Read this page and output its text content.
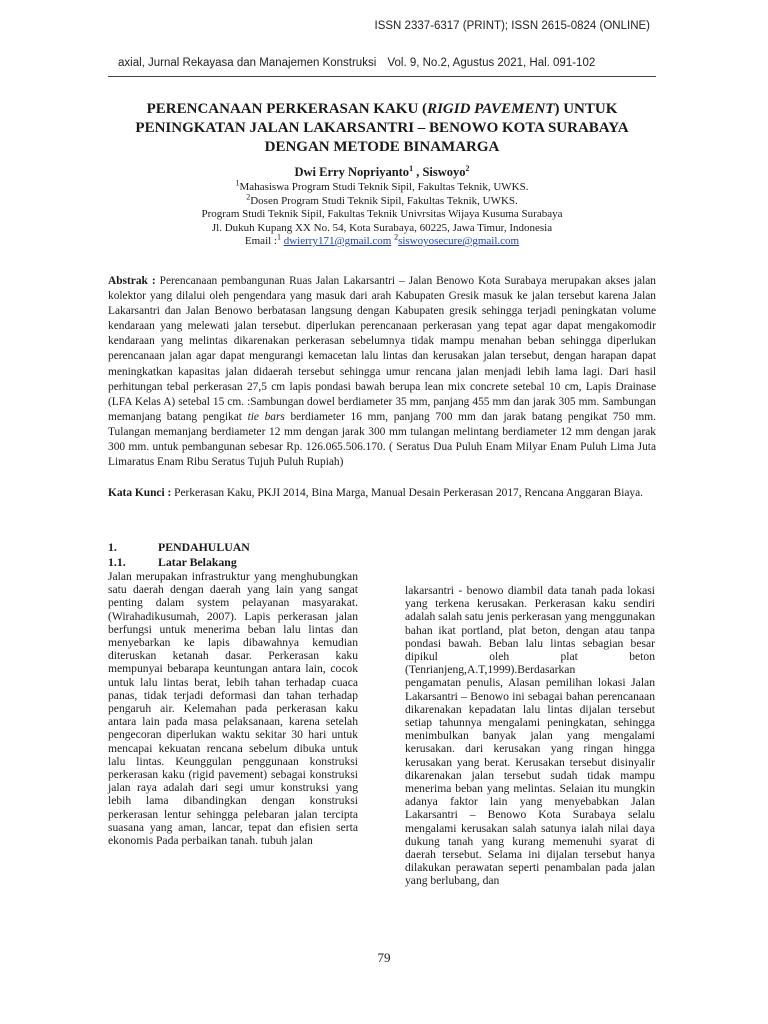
ISSN 2337-6317 (PRINT); ISSN 2615-0824 (ONLINE)
axial, Jurnal Rekayasa dan Manajemen Konstruksi Vol. 9, No.2, Agustus 2021, Hal. 091-102
PERENCANAAN PERKERASAN KAKU (RIGID PAVEMENT) UNTUK PENINGKATAN JALAN LAKARSANTRI – BENOWO KOTA SURABAYA DENGAN METODE BINAMARGA
Dwi Erry Nopriyanto$^1$ , Siswoyo$^2$
$^1$Mahasiswa Program Studi Teknik Sipil, Fakultas Teknik, UWKS.
$^2$Dosen Program Studi Teknik Sipil, Fakultas Teknik, UWKS.
Program Studi Teknik Sipil, Fakultas Teknik Univrsitas Wijaya Kusuma Surabaya
Jl. Dukuh Kupang XX No. 54, Kota Surabaya, 60225, Jawa Timur, Indonesia
Email :$^1$ dwierry171@gmail.com $^2$siswoyosecure@gmail.com
Abstrak : Perencanaan pembangunan Ruas Jalan Lakarsantri – Jalan Benowo Kota Surabaya merupakan akses jalan kolektor yang dilalui oleh pengendara yang masuk dari arah Kabupaten Gresik masuk ke jalan tersebut karena Jalan Lakarsantri dan Jalan Benowo berbatasan langsung dengan Kabupaten gresik sehingga terjadi peningkatan volume kendaraan yang melewati jalan tersebut. diperlukan perencanaan perkerasan yang tepat agar dapat mengakomodir kendaraan yang melintas dikarenakan perkerasan sebelumnya tidak mampu menahan beban sehingga diperlukan perencanaan jalan agar dapat mengurangi kemacetan lalu lintas dan kerusakan jalan tersebut, dengan harapan dapat meningkatkan kapasitas jalan didaerah tersebut sehingga umur rencana jalan menjadi lebih lama lagi. Dari hasil perhitungan tebal perkerasan 27,5 cm lapis pondasi bawah berupa lean mix concrete setebal 10 cm, Lapis Drainase (LFA Kelas A) setebal 15 cm. :Sambungan dowel berdiameter 35 mm, panjang 455 mm dan jarak 305 mm. Sambungan memanjang batang pengikat tie bars berdiameter 16 mm, panjang 700 mm dan jarak batang pengikat 750 mm. Tulangan memanjang berdiameter 12 mm dengan jarak 300 mm tulangan melintang berdiameter 12 mm dengan jarak 300 mm. untuk pembangunan sebesar Rp. 126.065.506.170. ( Seratus Dua Puluh Enam Milyar Enam Puluh Lima Juta Limaratus Enam Ribu Seratus Tujuh Puluh Rupiah)
Kata Kunci : Perkerasan Kaku, PKJI 2014, Bina Marga, Manual Desain Perkerasan 2017, Rencana Anggaran Biaya.
1.	PENDAHULUAN
1.1.	Latar Belakang

Jalan merupakan infrastruktur yang menghubungkan satu daerah dengan daerah yang lain yang sangat penting dalam system pelayanan masyarakat. (Wirahadikusumah, 2007). Lapis perkerasan jalan berfungsi untuk menerima beban lalu lintas dan menyebarkan ke lapis dibawahnya kemudian diteruskan ketanah dasar. Perkerasan kaku mempunyai bebarapa keuntungan antara lain, cocok untuk lalu lintas berat, lebih tahan terhadap cuaca panas, tidak terjadi deformasi dan tahan terhadap pengaruh air. Kelemahan pada perkerasan kaku antara lain pada masa pelaksanaan, karena setelah pengecoran diperlukan waktu sekitar 30 hari untuk mencapai kekuatan rencana sebelum dibuka untuk lalu lintas. Keunggulan penggunaan konstruksi perkerasan kaku (rigid pavement) sebagai konstruksi jalan raya adalah dari segi umur konstruksi yang lebih lama dibandingkan dengan konstruksi perkerasan lentur sehingga pelebaran jalan tercipta suasana yang aman, lancar, tepat dan efisien serta ekonomis Pada perbaikan tanah. tubuh jalan

lakarsantri - benowo diambil data tanah pada lokasi yang terkena kerusakan. Perkerasan kaku sendiri adalah salah satu jenis perkerasan yang menggunakan bahan ikat portland, plat beton, dengan atau tanpa pondasi bawah. Beban lalu lintas sebagian besar dipikul oleh plat beton (Tenrianjeng,A.T,1999).Berdasarkan

pengamatan penulis, Alasan pemilihan lokasi Jalan Lakarsantri – Benowo ini sebagai bahan perencanaan dikarenakan kepadatan lalu lintas dijalan tersebut setiap tahunnya mengalami peningkatan, sehingga menimbulkan banyak jalan yang mengalami kerusakan. dari kerusakan yang ringan hingga kerusakan yang berat. Kerusakan tersebut disinyalir dikarenakan jalan tersebut sudah tidak mampu menerima beban yang melintas. Selaian itu mungkin adanya faktor lain yang menyebabkan Jalan Lakarsantri – Benowo Kota Surabaya selalu mengalami kerusakan salah satunya ialah nilai daya dukung tanah yang kurang memenuhi syarat di daerah tersebut. Selama ini dijalan tersebut hanya dilakukan perawatan seperti penambalan pada jalan yang berlubang, dan

79
